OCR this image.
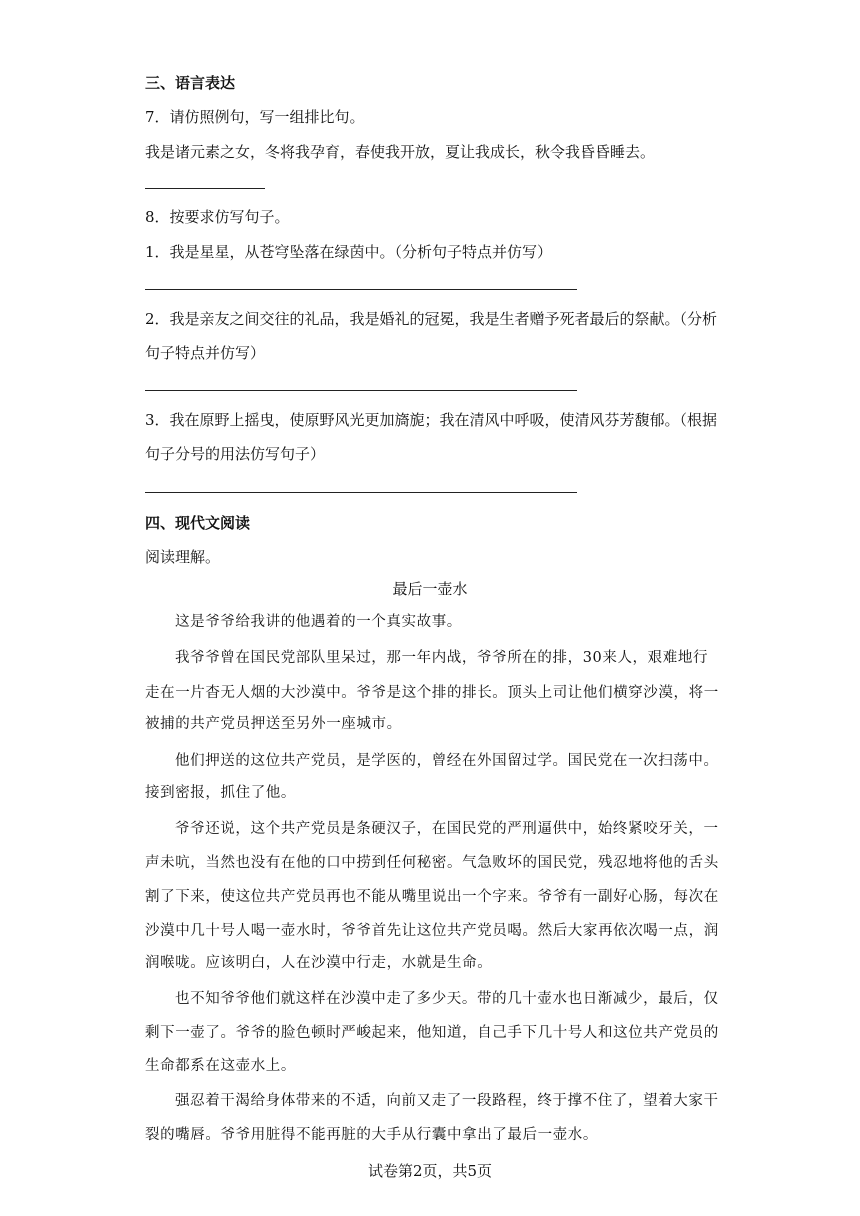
三、语言表达
7．请仿照例句，写一组排比句。
我是诸元素之女，冬将我孕育，春使我开放，夏让我成长，秋令我昏昏睡去。
8．按要求仿写句子。
1．我是星星，从苍穹坠落在绿茵中。（分析句子特点并仿写）
2．我是亲友之间交往的礼品，我是婚礼的冠冕，我是生者赠予死者最后的祭献。（分析
句子特点并仿写）
3．我在原野上摇曳，使原野风光更加旖旎；我在清风中呼吸，使清风芬芳馥郁。（根据
句子分号的用法仿写句子）
四、现代文阅读
阅读理解。
最后一壶水
这是爷爷给我讲的他遇着的一个真实故事。
我爷爷曾在国民党部队里呆过，那一年内战，爷爷所在的排，30来人，艰难地行
走在一片杳无人烟的大沙漠中。爷爷是这个排的排长。顶头上司让他们横穿沙漠，将一
被捕的共产党员押送至另外一座城市。
他们押送的这位共产党员，是学医的，曾经在外国留过学。国民党在一次扫荡中。
接到密报，抓住了他。
爷爷还说，这个共产党员是条硬汉子，在国民党的严刑逼供中，始终紧咬牙关，一
声未吭，当然也没有在他的口中捞到任何秘密。气急败坏的国民党，残忍地将他的舌头
割了下来，使这位共产党员再也不能从嘴里说出一个字来。爷爷有一副好心肠，每次在
沙漠中几十号人喝一壶水时，爷爷首先让这位共产党员喝。然后大家再依次喝一点，润
润喉咙。应该明白，人在沙漠中行走，水就是生命。
也不知爷爷他们就这样在沙漠中走了多少天。带的几十壶水也日渐减少，最后，仅
剩下一壶了。爷爷的脸色顿时严峻起来，他知道，自己手下几十号人和这位共产党员的
生命都系在这壶水上。
强忍着干渴给身体带来的不适，向前又走了一段路程，终于撑不住了，望着大家干
裂的嘴唇。爷爷用脏得不能再脏的大手从行囊中拿出了最后一壶水。
试卷第2页，共5页
